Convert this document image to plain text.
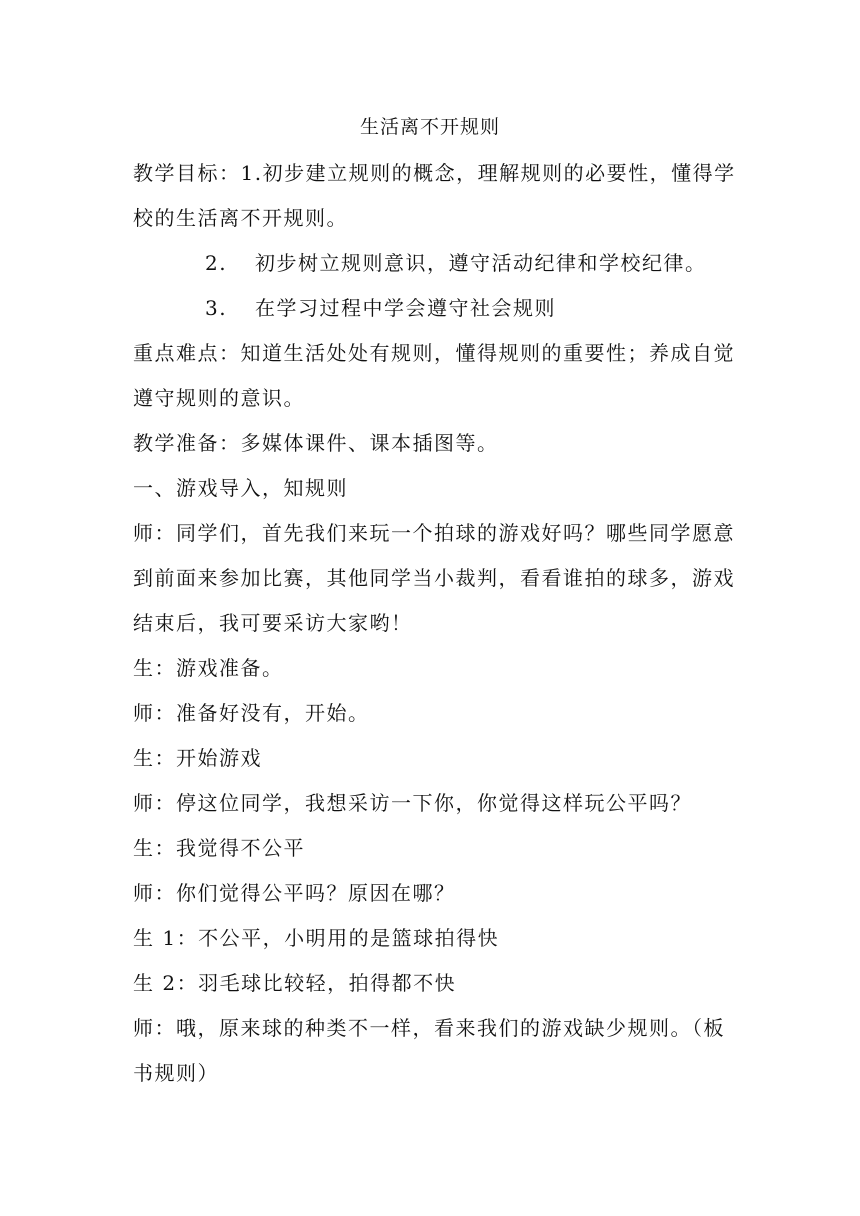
生活离不开规则

教学目标：1.初步建立规则的概念，理解规则的必要性，懂得学

校的生活离不开规则。

2. 初步树立规则意识，遵守活动纪律和学校纪律。

3. 在学习过程中学会遵守社会规则

重点难点：知道生活处处有规则，懂得规则的重要性；养成自觉

遵守规则的意识。

教学准备：多媒体课件、课本插图等。

一、游戏导入，知规则

师：同学们，首先我们来玩一个拍球的游戏好吗？哪些同学愿意

到前面来参加比赛，其他同学当小裁判，看看谁拍的球多，游戏

结束后，我可要采访大家哟！

生：游戏准备。

师：准备好没有，开始。

生：开始游戏

师：停这位同学，我想采访一下你，你觉得这样玩公平吗？

生：我觉得不公平

师：你们觉得公平吗？原因在哪？

生 1：不公平，小明用的是篮球拍得快

生 2：羽毛球比较轻，拍得都不快

师：哦，原来球的种类不一样，看来我们的游戏缺少规则。（板

书规则）
